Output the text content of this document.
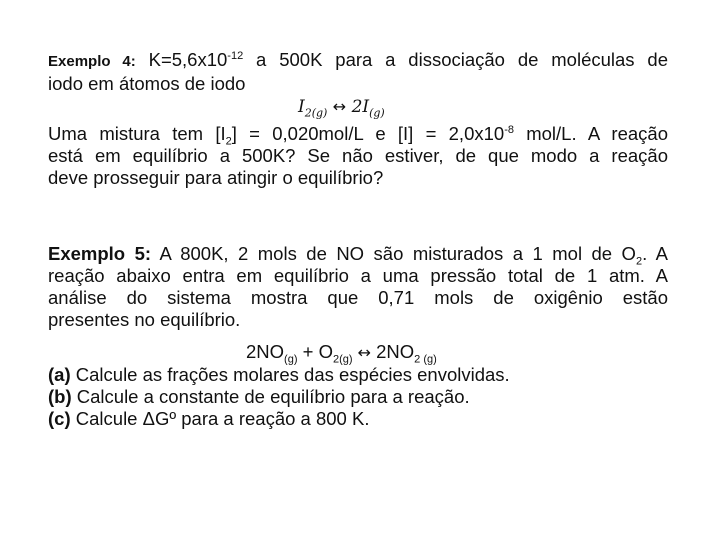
Exemplo 4: $K=5,6x10^{-12}$ a 500K para a dissociação de moléculas de
iodo em átomos de iodo
$I_{2(g)}$ ↔ $2I_{(g)}$
Uma mistura tem $[I_2] = 0,020mol/L$ e $[I] = 2,0x10^{-8}$ mol/L. A reação
está em equilíbrio a 500K? Se não estiver, de que modo a reação
deve prosseguir para atingir o equilíbrio?
Exemplo 5: A 800K, 2 mols de NO são misturados a 1 mol de $O_2$. A
reação abaixo entra em equilíbrio a uma pressão total de 1 atm. A
análise do sistema mostra que 0,71 mols de oxigênio estão
presentes no equilíbrio.
$2NO_{(g)} + O_{2(g)}$ ↔ $2NO_{2 (g)}$
(a) Calcule as frações molares das espécies envolvidas.
(b) Calcule a constante de equilíbrio para a reação.
(c) Calcule ΔGº para a reação a 800 K.
